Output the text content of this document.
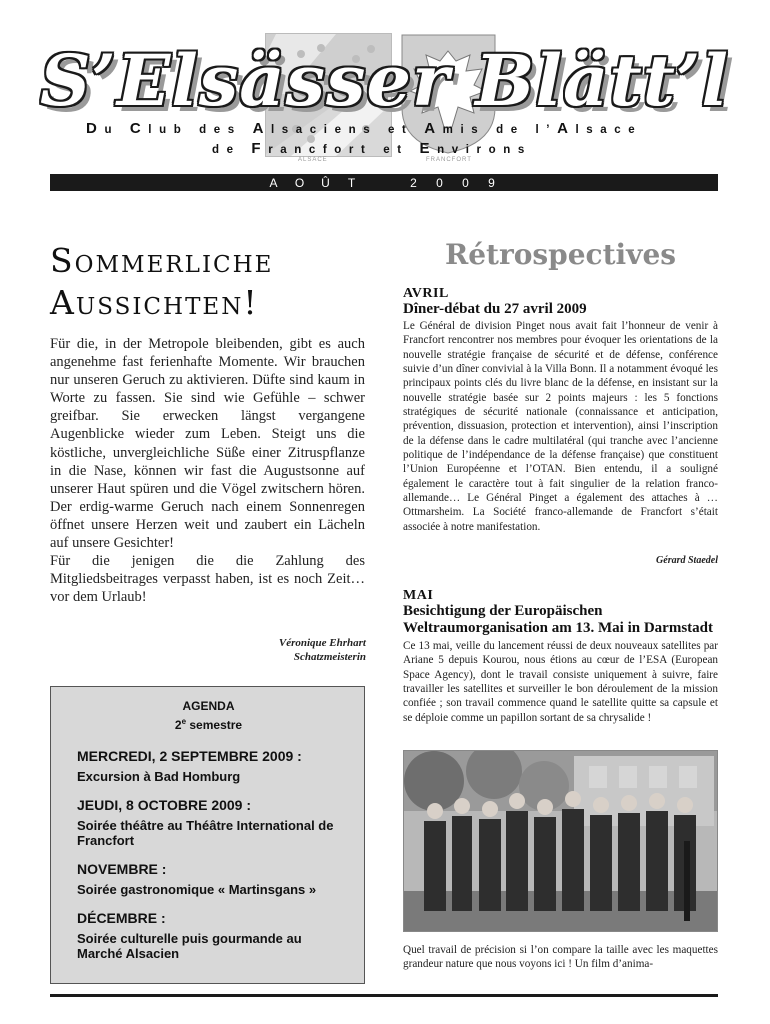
S’Elsässer Blätt’l
Du Club des Alsaciens et Amis de l’Alsace
de Francfort et Environs
ALSACE	FRANCFORT
A	O	Û	T	2	0	0	9
Sommerliche
Aussichten!

Für die, in der Metropole bleibenden, gibt es auch angenehme fast ferienhafte Momente. Wir brauchen nur unseren Geruch zu aktivieren. Düfte sind kaum in Worte zu fassen. Sie sind wie Gefühle – schwer greifbar. Sie erwecken längst vergangene Augenblicke wieder zum Leben. Steigt uns die köstliche, unvergleichliche Süße einer Zitruspflanze in die Nase, können wir fast die Augustsonne auf unserer Haut spüren und die Vögel zwitschern hören. Der erdig-warme Geruch nach einem Sonnenregen öffnet unsere Herzen weit und zaubert ein Lächeln auf unsere Gesichter!

Für die jenigen die die Zahlung des Mitgliedsbeitrages verpasst haben, ist es noch Zeit…vor dem Urlaub!

Véronique Ehrhart
Schatzmeisterin
AGENDA
2e semestre
MERCREDI, 2 SEPTEMBRE 2009 :
Excursion à Bad Homburg
JEUDI, 8 OCTOBRE 2009 :
Soirée théâtre au Théâtre International de Francfort
NOVEMBRE :
Soirée gastronomique « Martinsgans »
DÉCEMBRE :
Soirée culturelle puis gourmande au Marché Alsacien
Rétrospectives
AVRIL
Dîner-débat du 27 avril 2009
Le Général de division Pinget nous avait fait l’honneur de venir à Francfort rencontrer nos membres pour évoquer les orientations de la nouvelle stratégie française de sécurité et de défense, conférence suivie d’un dîner convivial à la Villa Bonn. Il a notamment évoqué les principaux points clés du livre blanc de la défense, en insistant sur la nouvelle stratégie basée sur 2 points majeurs : les 5 fonctions stratégiques de sécurité nationale (connaissance et anticipation, prévention, dissuasion, protection et intervention), ainsi l’inscription de la défense dans le cadre multilatéral (qui tranche avec l’ancienne politique de l’indépendance de la défense française) que constituent l’Union Européenne et l’OTAN. Bien entendu, il a souligné également le caractère tout à fait singulier de la relation franco-allemande… Le Général Pinget a également des attaches à …Ottmarsheim. La Société franco-allemande de Francfort s’était associée à notre manifestation.
Gérard Staedel
MAI
Besichtigung der Europäischen Weltraumorganisation am 13. Mai in Darmstadt
Ce 13 mai, veille du lancement réussi de deux nouveaux satellites par Ariane 5 depuis Kourou, nous étions au cœur de l’ESA (European Space Agency), dont le travail consiste uniquement à suivre, faire travailler les satellites et surveiller le bon déroulement de la mission confiée ; son travail commence quand le satellite quitte sa capsule et se déploie comme un papillon sortant de sa chrysalide !
Quel travail de précision si l’on compare la taille avec les maquettes grandeur nature que nous voyons ici ! Un film d’anima-
